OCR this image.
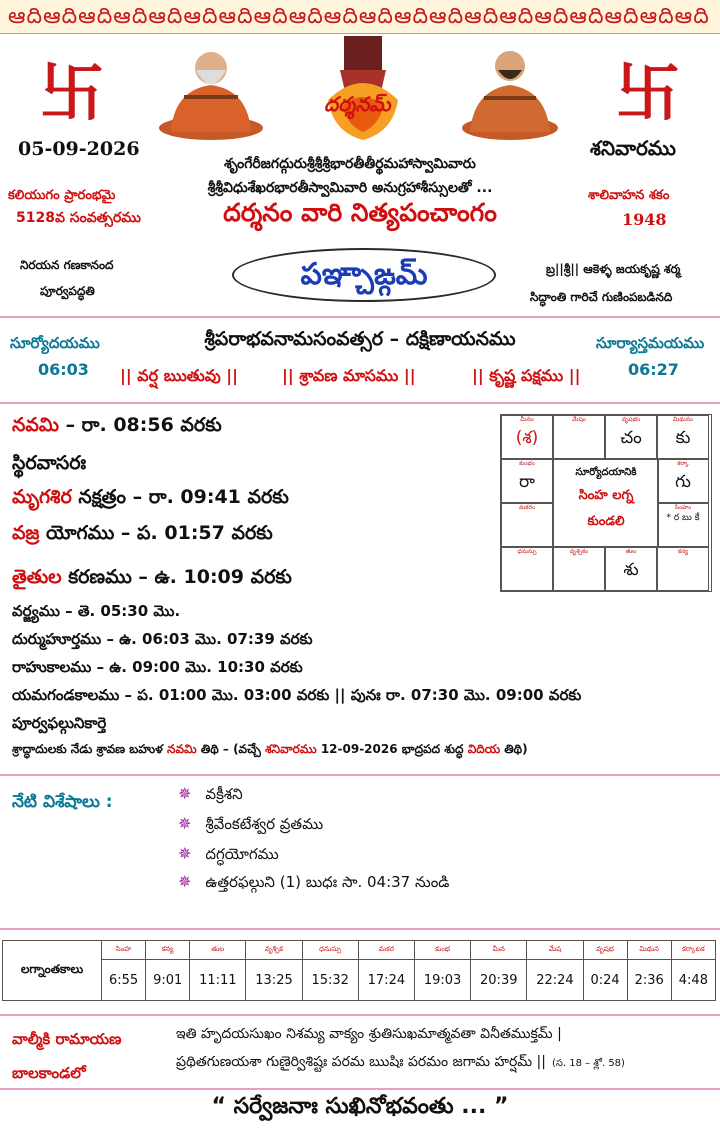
ఆదిఆదిఆదిఆదిఆదిఆదిఆదిఆదిఆదిఆదిఆదిఆదిఆదిఆదిఆదిఆదిఆదిఆదిఆదిఆది
卐	卐
దర్శనమ్
05-09-2026	శనివారము
శృంగేరీజగద్గురుశ్రీశ్రీశ్రీభారతీతీర్థమహాస్వామివారు
శ్రీశ్రీవిధుశేఖరభారతీస్వామివారి అనుగ్రహాశీస్సులతో ...
కలియుగం ప్రారంభమై
5128వ సంవత్సరము
శాలివాహన శకం
1948
దర్శనం వారి నిత్యపంచాంగం
నిరయన గణకానంద
పూర్వపద్ధతి	పఞ్చాఙ్గమ్	బ్ర||శ్రీ|| ఆకెళ్ళ జయకృష్ణ శర్మ
సిద్ధాంతి గారిచే గుణింపబడినది
సూర్యోదయము
06:03
సూర్యాస్తమయము
06:27
శ్రీపరాభవనామసంవత్సర – దక్షిణాయనము
|| వర్ష ఋతువు ||	|| శ్రావణ మాసము ||	|| కృష్ణ పక్షము ||
నవమి – రా. 08:56 వరకు
స్థిరవాసరః
మృగశిర నక్షత్రం – రా. 09:41 వరకు
వజ్ర యోగము – ప. 01:57 వరకు
తైతుల కరణము – ఉ. 10:09 వరకు
వర్జ్యము – తె. 05:30 మొ.
దుర్ముహూర్తము – ఉ. 06:03 మొ. 07:39 వరకు
రాహుకాలము – ఉ. 09:00 మొ. 10:30 వరకు
యమగండకాలము – ప. 01:00 మొ. 03:00 వరకు || పునః రా. 07:30 మొ. 09:00 వరకు
పూర్వఫల్గునికార్తె
శ్రాద్ధాదులకు నేడు శ్రావణ బహుళ నవమి తిథి – (వచ్చే శనివారము 12-09-2026 భాద్రపద శుద్ధ విదియ తిథి)
మీనం
(శ)
మేషం	వృషభం
చం
మిథునం
కు
కుంభం
రా
కర్కా
గు
మకరం	సింహం
* ర బు కే
ధనుస్సు	వృశ్చికం	తుల
శు
కన్య
సూర్యోదయానికి
సింహ లగ్న
కుండలి
నేటి విశేషాలు :	✵ వక్రీశని
✵ శ్రీవేంకటేశ్వర వ్రతము
✵ దగ్ధయోగము
✵ ఉత్తరఫల్గుని (1) బుధః సా. 04:37 నుండి
లగ్నాంతకాలు	సింహ	కన్య	తుల	వృశ్చిక	ధనుస్సు	మకర	కుంభ	మీన	మేష	వృషభ	మిథున	కర్కాటక
	6:55	9:01	11:11	13:25	15:32	17:24	19:03	20:39	22:24	0:24	2:36	4:48
వాల్మీకి రామాయణ
బాలకాండలో
ఇతి హృదయసుఖం నిశమ్య వాక్యం శ్రుతిసుఖమాత్మవతా వినీతముక్తమ్ |
ప్రథితగుణయశా గుణైర్విశిష్టః పరమ ఋషిః పరమం జగామ హర్షమ్ || (స. 18 – శ్లో. 58)
“ సర్వేజనాః సుఖినోభవంతు ... ”
